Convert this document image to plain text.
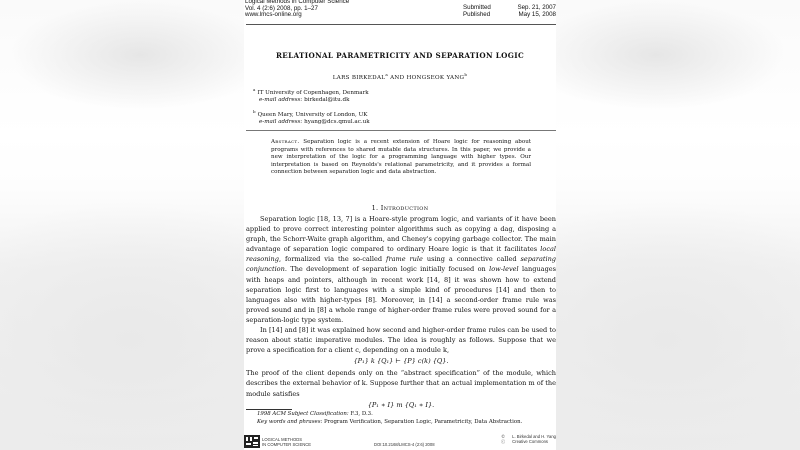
Logical Methods in Computer Science
Vol. 4 (2:6) 2008, pp. 1–27
www.lmcs-online.org
Submitted	Sep. 21, 2007
Published	May 15, 2008
RELATIONAL PARAMETRICITY AND SEPARATION LOGIC
LARS BIRKEDAL$^a$ AND HONGSEOK YANG$^b$
$^a$IT University of Copenhagen, Denmark
e-mail address: birkedal@itu.dk
$^b$Queen Mary, University of London, UK
e-mail address: hyang@dcs.qmul.ac.uk
Abstract. Separation logic is a recent extension of Hoare logic for reasoning about programs with references to shared mutable data structures. In this paper, we provide a new interpretation of the logic for a programming language with higher types. Our interpretation is based on Reynolds's relational parametricity, and it provides a formal connection between separation logic and data abstraction.
1. Introduction

Separation logic [18, 13, 7] is a Hoare-style program logic, and variants of it have been applied to prove correct interesting pointer algorithms such as copying a dag, disposing a graph, the Schorr-Waite graph algorithm, and Cheney's copying garbage collector. The main advantage of separation logic compared to ordinary Hoare logic is that it facilitates local reasoning, formalized via the so-called frame rule using a connective called separating conjunction. The development of separation logic initially focused on low-level languages with heaps and pointers, although in recent work [14, 8] it was shown how to extend separation logic first to languages with a simple kind of procedures [14] and then to languages also with higher-types [8]. Moreover, in [14] a second-order frame rule was proved sound and in [8] a whole range of higher-order frame rules were proved sound for a separation-logic type system.

In [14] and [8] it was explained how second and higher-order frame rules can be used to reason about static imperative modules. The idea is roughly as follows. Suppose that we prove a specification for a client c, depending on a module k,

{P₁} k {Q₁} ⊢ {P} c(k) {Q}.

The proof of the client depends only on the “abstract specification” of the module, which describes the external behavior of k. Suppose further that an actual implementation m of the module satisfies

{P₁ ∗ I} m {Q₁ ∗ I}.

1998 ACM Subject Classification: F.3, D.3.
Key words and phrases: Program Verification, Separation Logic, Parametricity, Data Abstraction.
LOGICAL METHODS
IN COMPUTER SCIENCE	DOI:10.2168/LMCS-4 (2:6) 2008
©	L. Birkedal and H. Yang
ⓒ Creative Commons
